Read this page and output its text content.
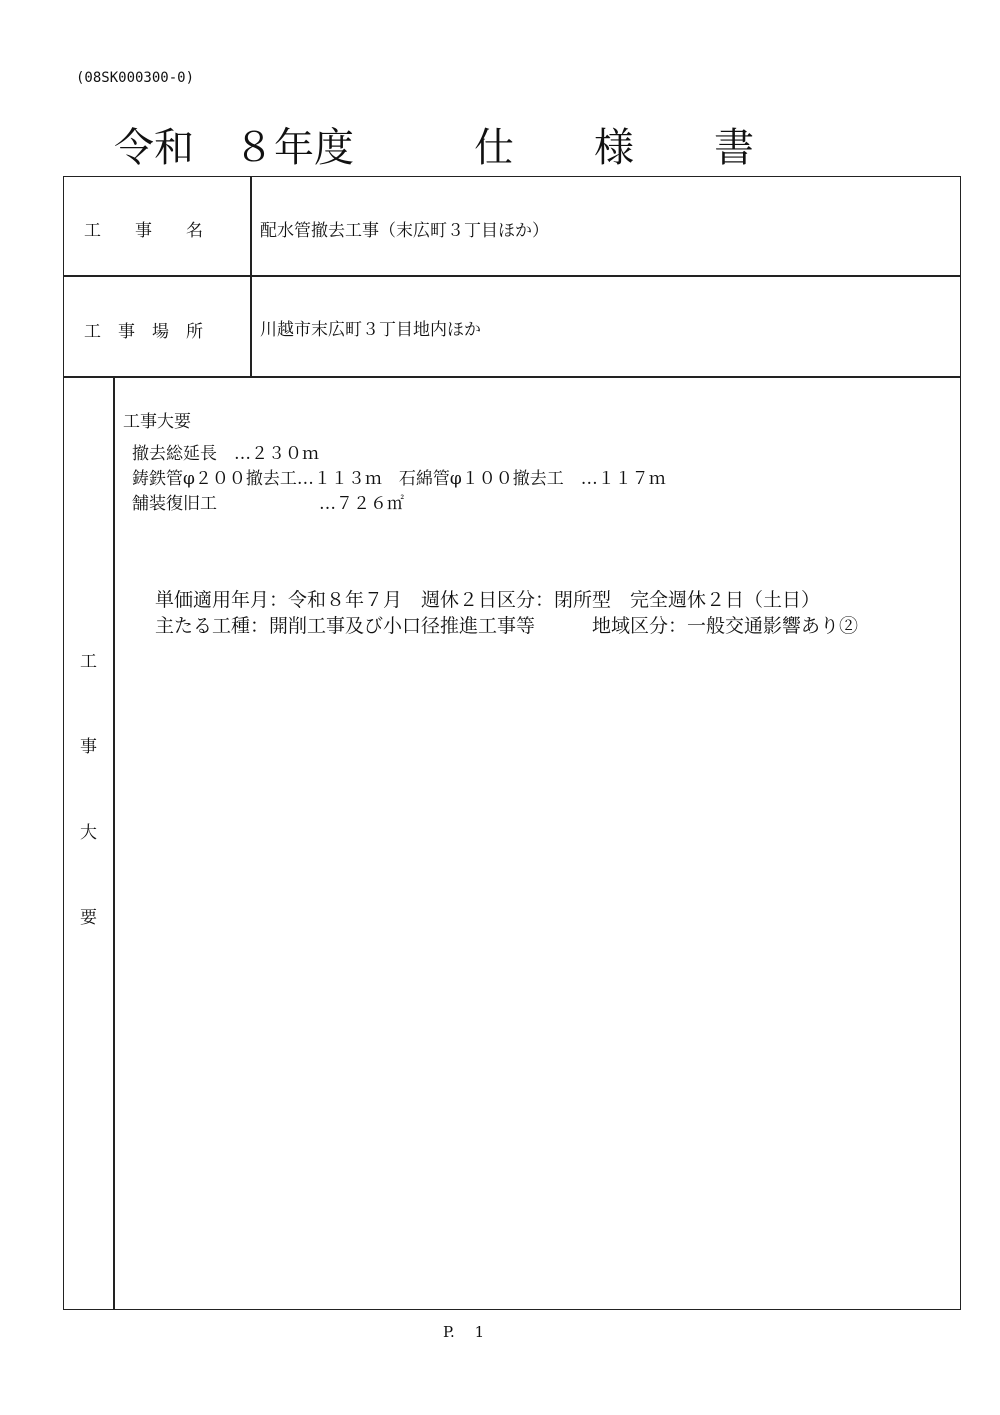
(08SK000300-0)
令和　８年度　　　仕　　様　　書
工　　事　　名	配水管撤去工事（末広町３丁目ほか）
工　事　場　所	川越市末広町３丁目地内ほか
工
事
大
要
工事大要
撤去総延長　…２３０ｍ
鋳鉄管φ２００撤去工…１１３ｍ　石綿管φ１００撤去工　…１１７ｍ
舗装復旧工　　　　　　…７２６㎡
単価適用年月：令和８年７月　週休２日区分：閉所型　完全週休２日（土日）
主たる工種：開削工事及び小口径推進工事等　　　地域区分：一般交通影響あり②
P.　 1
